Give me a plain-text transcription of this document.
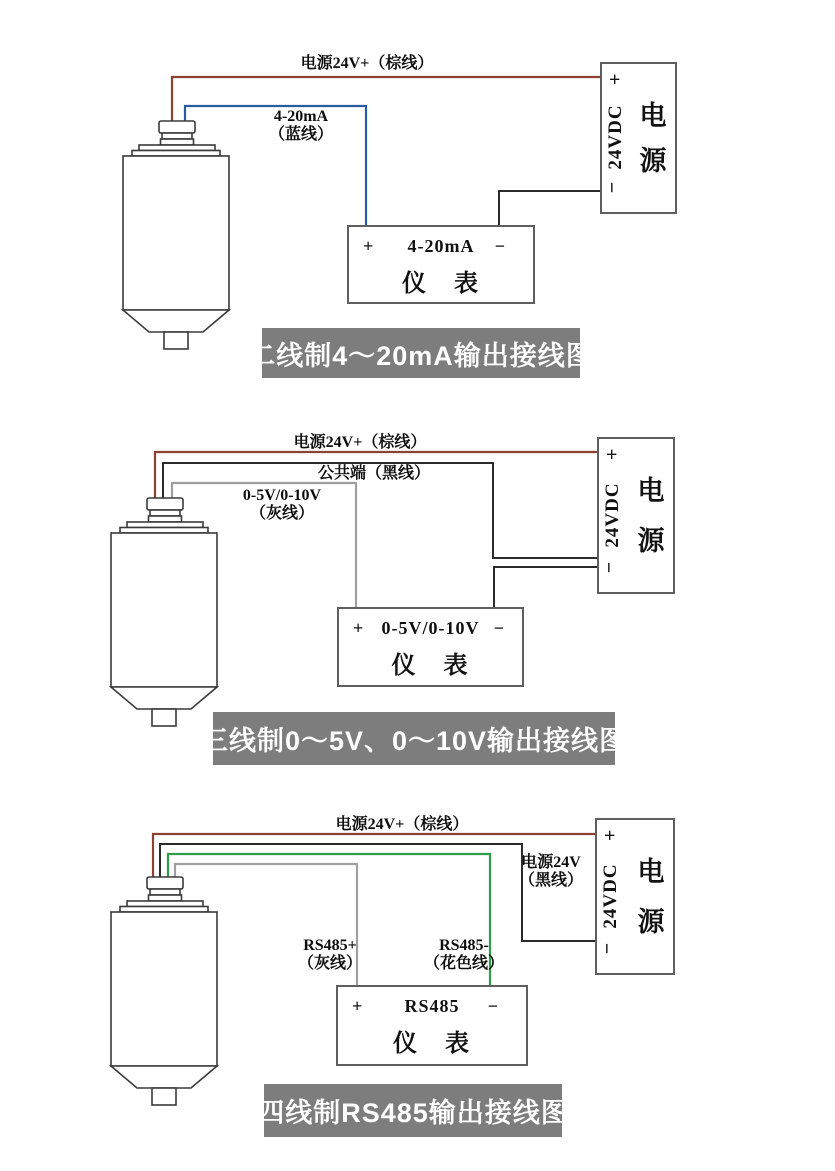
电源24V+（棕线）
4-20mA
（蓝线）
+ 4-20mA −
仪　表
+
24VDC 电
源
−
二线制4～20mA输出接线图
电源24V+（棕线）
公共端（黑线）
0-5V/0-10V
（灰线）
+ 0-5V/0-10V −
仪　表
+
24VDC 电
源
−
三线制0～5V、0～10V输出接线图
电源24V+（棕线）
电源24V
（黑线）
RS485+
（灰线）
RS485-
（花色线）
+ RS485 −
仪　表
+
24VDC 电
源
−
四线制RS485输出接线图
